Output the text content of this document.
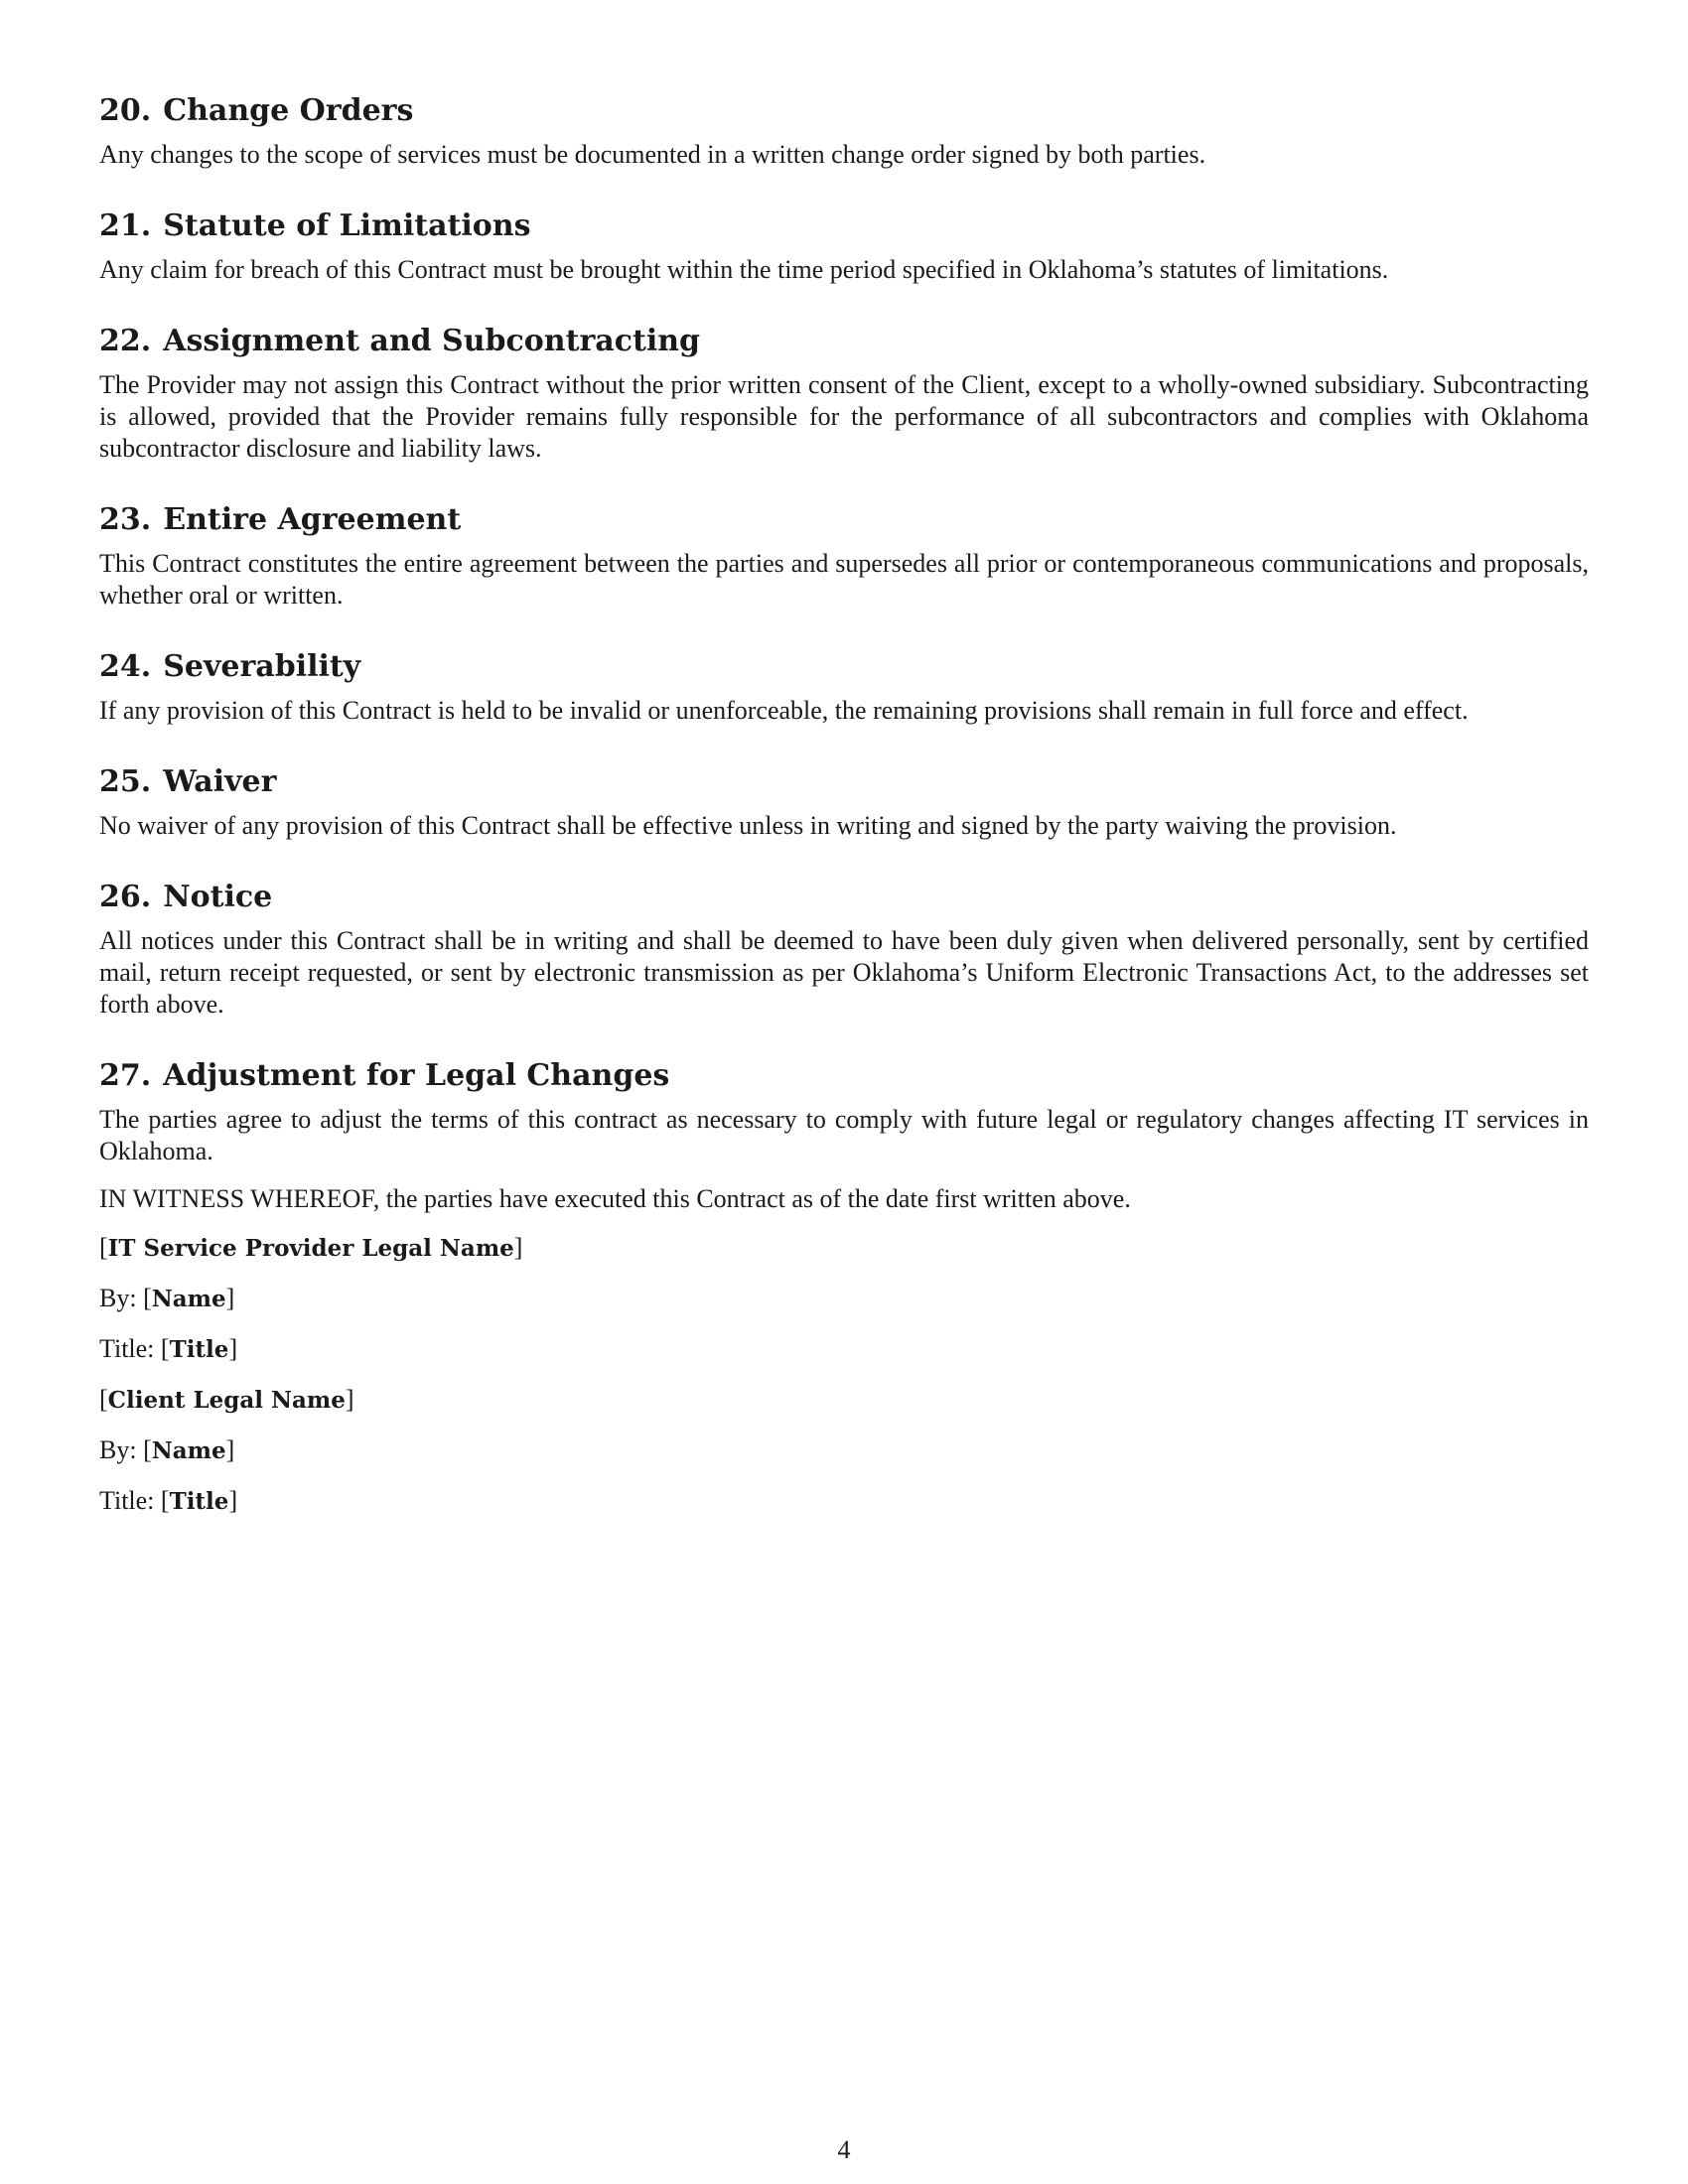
20. Change Orders

Any changes to the scope of services must be documented in a written change order signed by both parties.

21. Statute of Limitations

Any claim for breach of this Contract must be brought within the time period specified in Oklahoma’s statutes of limitations.

22. Assignment and Subcontracting

The Provider may not assign this Contract without the prior written consent of the Client, except to a wholly-owned subsidiary. Subcontracting is allowed, provided that the Provider remains fully responsible for the performance of all subcontractors and complies with Oklahoma subcontractor disclosure and liability laws.

23. Entire Agreement

This Contract constitutes the entire agreement between the parties and supersedes all prior or contemporaneous communications and proposals, whether oral or written.

24. Severability

If any provision of this Contract is held to be invalid or unenforceable, the remaining provisions shall remain in full force and effect.

25. Waiver

No waiver of any provision of this Contract shall be effective unless in writing and signed by the party waiving the provision.

26. Notice

All notices under this Contract shall be in writing and shall be deemed to have been duly given when delivered personally, sent by certified mail, return receipt requested, or sent by electronic transmission as per Oklahoma’s Uniform Electronic Transactions Act, to the addresses set forth above.

27. Adjustment for Legal Changes

The parties agree to adjust the terms of this contract as necessary to comply with future legal or regulatory changes affecting IT services in Oklahoma.

IN WITNESS WHEREOF, the parties have executed this Contract as of the date first written above.

[IT Service Provider Legal Name]

By: [Name]

Title: [Title]

[Client Legal Name]

By: [Name]

Title: [Title]

4
